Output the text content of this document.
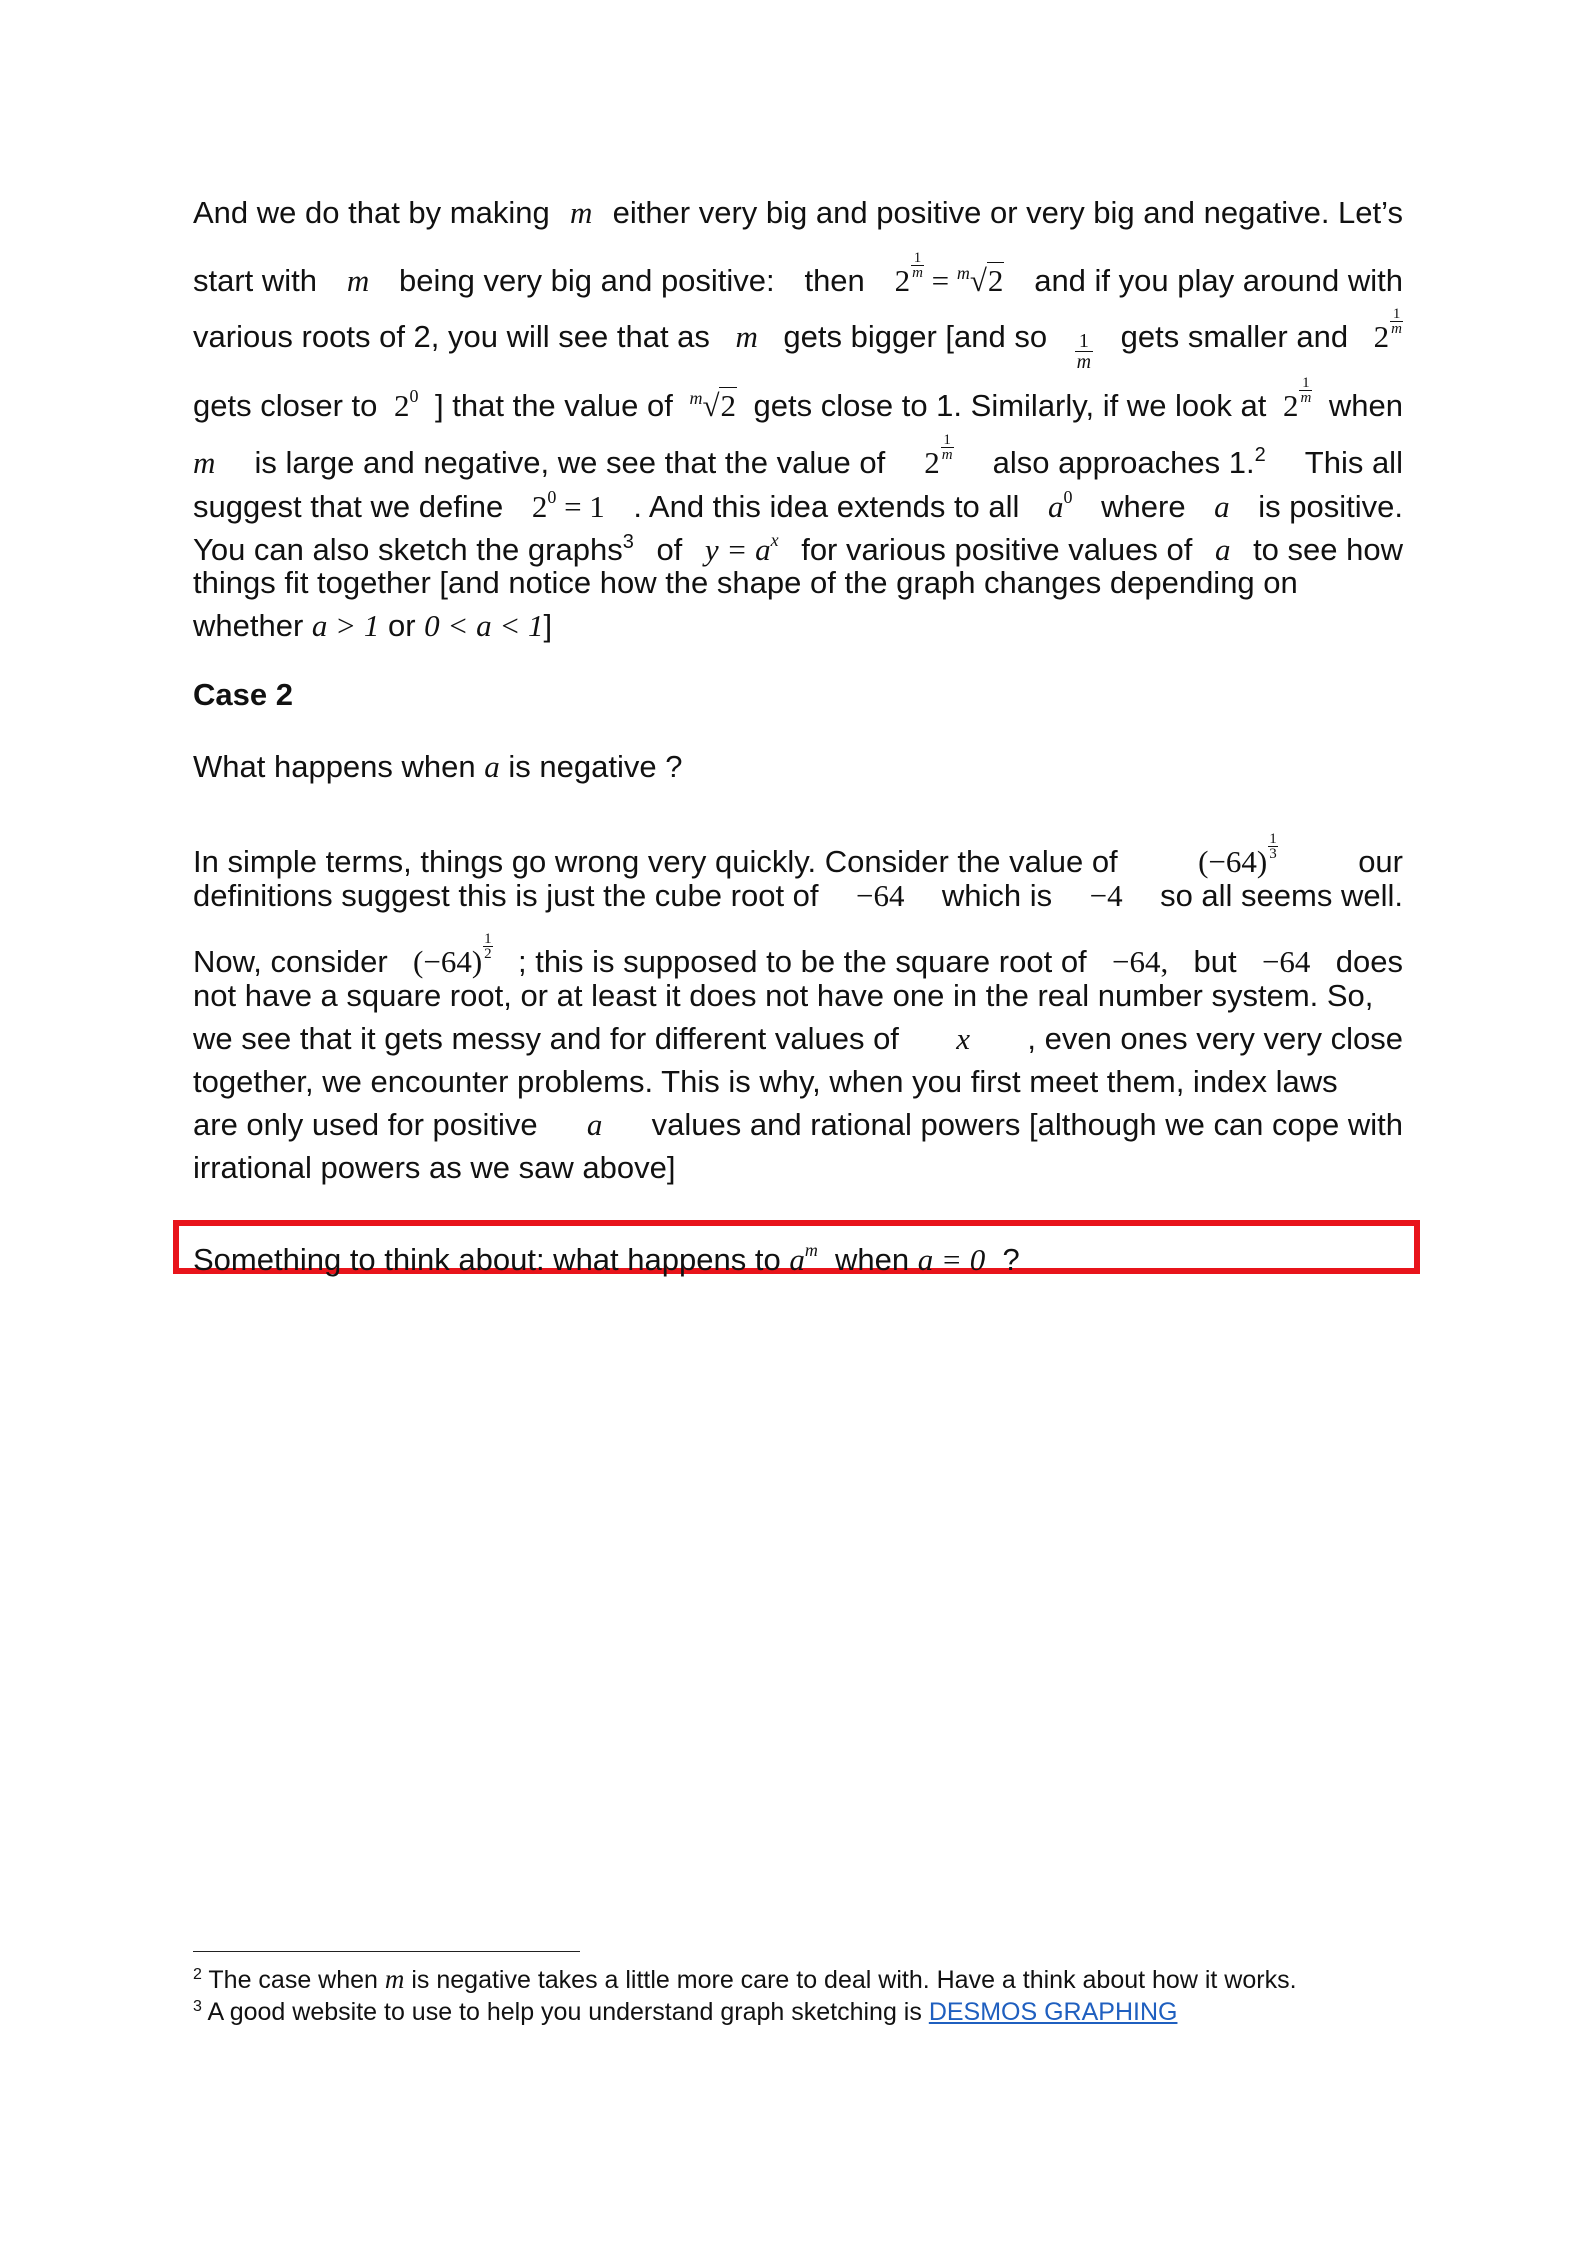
And we do that by making m either very big and positive or very big and negative. Let’s
start with m being very big and positive: then $2 \frac{1}{m} = ^m√2$ and if you play around with
various roots of 2, you will see that as m gets bigger [and so $\frac{1}{m}$ gets smaller and $2 \frac{1}{m}$
gets closer to $2^0$ ] that the value of $^m$√2 gets close to 1. Similarly, if we look at $2 \frac{1}{m}$ when
m is large and negative, we see that the value of $2 \frac{1}{m}$ also approaches 1.$^2$ This all
suggest that we define $2^0 = 1$ . And this idea extends to all $a^0$ where a is positive.
You can also sketch the graphs$^3$ of $y = a^x$ for various positive values of a to see how
things fit together [and notice how the shape of the graph changes depending on
whether a > 1 or 0 < a < 1]
Case 2
What happens when a is negative ?
In simple terms, things go wrong very quickly. Consider the value of	$(-64) \frac{1}{3}$	our
definitions suggest this is just the cube root of −64 which is −4 so all seems well.
Now, consider $(-64) \frac{1}{2}$ ; this is supposed to be the square root of −64, but −64 does
not have a square root, or at least it does not have one in the real number system. So,
we see that it gets messy and for different values of x , even ones very very close
together, we encounter problems. This is why, when you first meet them, index laws
are only used for positive a values and rational powers [although we can cope with
irrational powers as we saw above]
Something to think about: what happens to $a^m$ when a = 0 ?
$^2$ The case when m is negative takes a little more care to deal with. Have a think about how it works.
$^3$ A good website to use to help you understand graph sketching is DESMOS GRAPHING
